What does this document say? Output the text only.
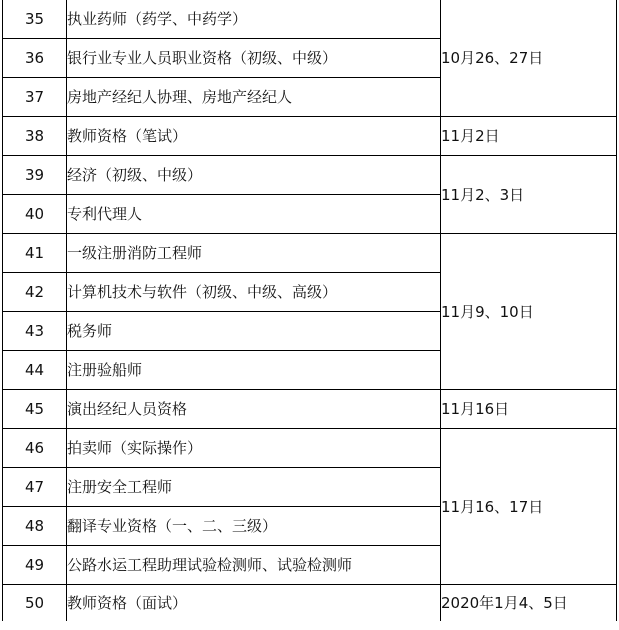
35	执业药师（药学、中药学）	10月26、27日
36	银行业专业人员职业资格（初级、中级）	
37	房地产经纪人协理、房地产经纪人	
38	教师资格（笔试）	11月2日
39	经济（初级、中级）	11月2、3日
40	专利代理人	
41	一级注册消防工程师	11月9、10日
42	计算机技术与软件（初级、中级、高级）	
43	税务师	
44	注册验船师	
45	演出经纪人员资格	11月16日
46	拍卖师（实际操作）	11月16、17日
47	注册安全工程师	
48	翻译专业资格（一、二、三级）	
49	公路水运工程助理试验检测师、试验检测师	
50	教师资格（面试）	2020年1月4、5日
